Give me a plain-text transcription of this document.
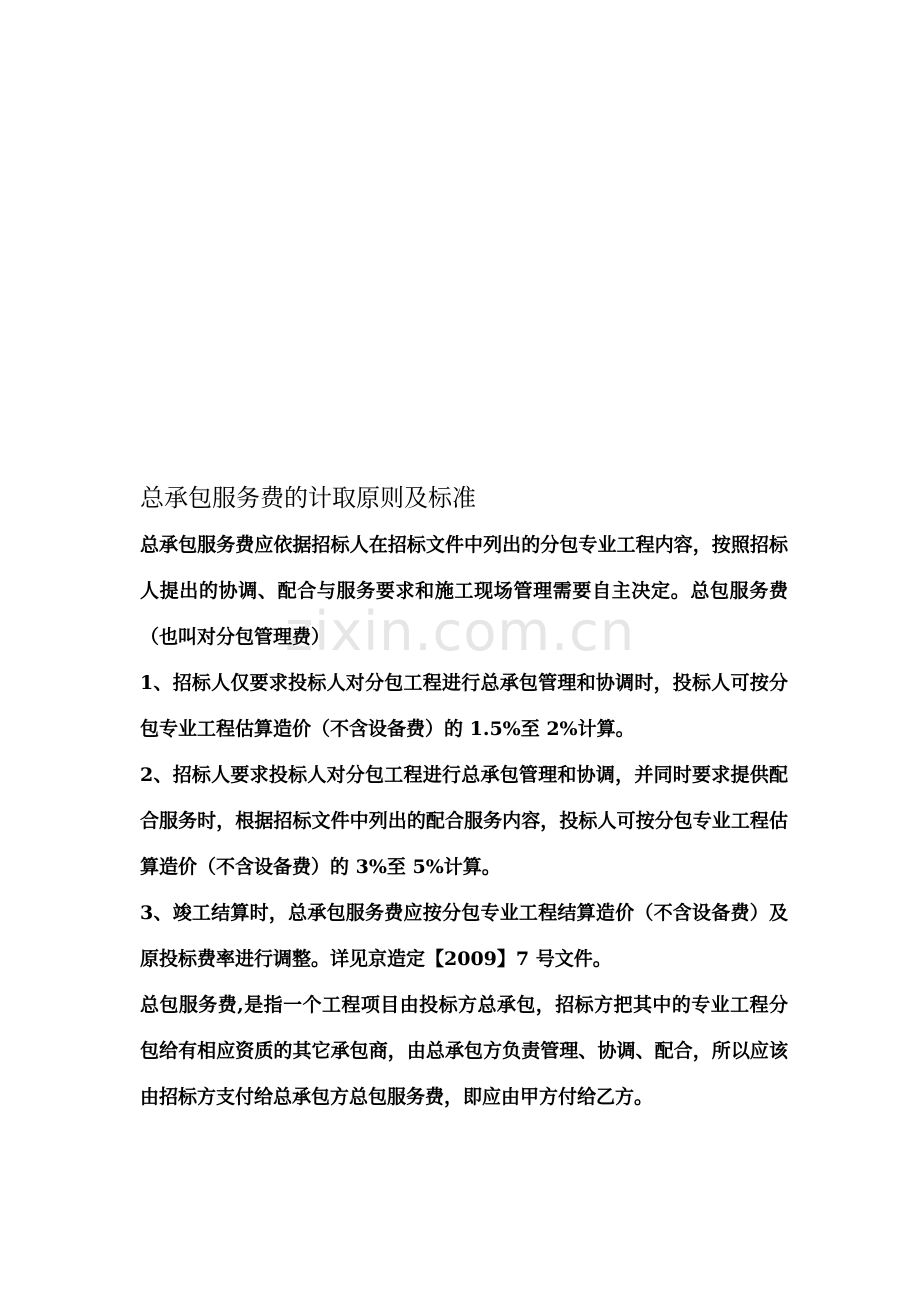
zixin.com.cn
总承包服务费的计取原则及标准

总承包服务费应依据招标人在招标文件中列出的分包专业工程内容，按照招标人提出的协调、配合与服务要求和施工现场管理需要自主决定。总包服务费（也叫对分包管理费）

1、招标人仅要求投标人对分包工程进行总承包管理和协调时，投标人可按分包专业工程估算造价（不含设备费）的 1.5%至 2%计算。

2、招标人要求投标人对分包工程进行总承包管理和协调，并同时要求提供配合服务时，根据招标文件中列出的配合服务内容，投标人可按分包专业工程估算造价（不含设备费）的 3%至 5%计算。

3、竣工结算时，总承包服务费应按分包专业工程结算造价（不含设备费）及原投标费率进行调整。详见京造定【2009】7 号文件。

总包服务费,是指一个工程项目由投标方总承包，招标方把其中的专业工程分包给有相应资质的其它承包商，由总承包方负责管理、协调、配合，所以应该由招标方支付给总承包方总包服务费，即应由甲方付给乙方。
